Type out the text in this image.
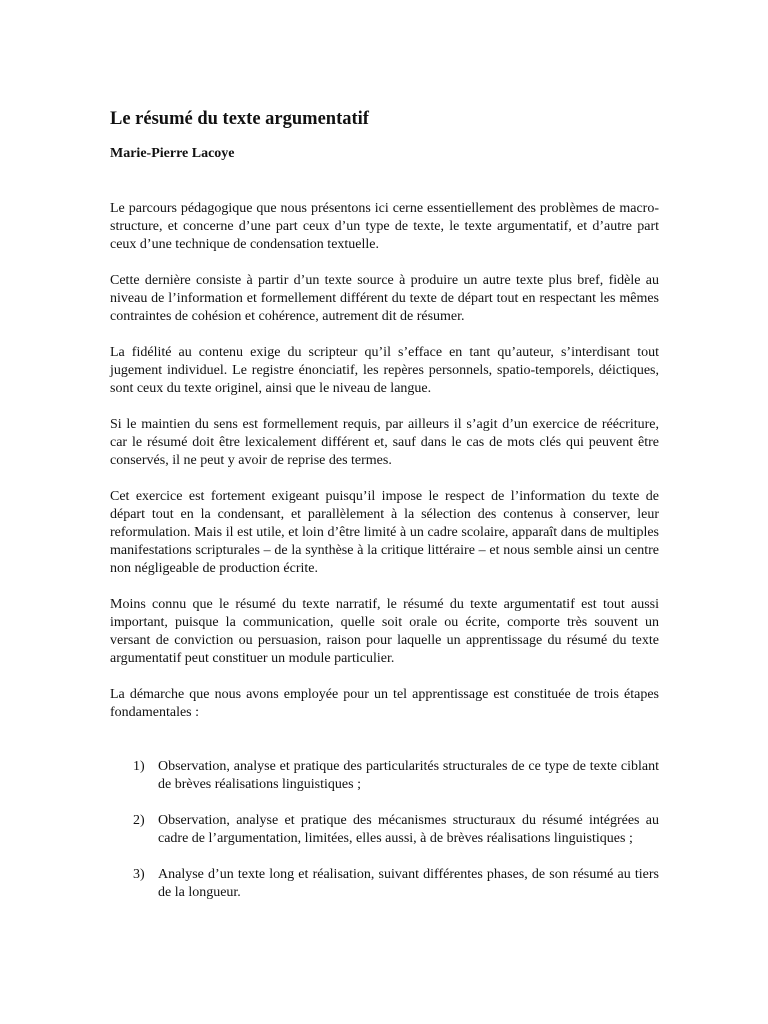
Le résumé du texte argumentatif

Marie-Pierre Lacoye

Le parcours pédagogique que nous présentons ici cerne essentiellement des problèmes de macro-structure, et concerne d’une part ceux d’un type de texte, le texte argumentatif, et d’autre part ceux d’une technique de condensation textuelle.

Cette dernière consiste à partir d’un texte source à produire un autre texte plus bref, fidèle au niveau de l’information et formellement différent du texte de départ tout en respectant les mêmes contraintes de cohésion et cohérence, autrement dit de résumer.

La fidélité au contenu exige du scripteur qu’il s’efface en tant qu’auteur, s’interdisant tout jugement individuel. Le registre énonciatif, les repères personnels, spatio-temporels, déictiques, sont ceux du texte originel, ainsi que le niveau de langue.

Si le maintien du sens est formellement requis, par ailleurs il s’agit d’un exercice de réécriture, car le résumé doit être lexicalement différent et, sauf dans le cas de mots clés qui peuvent être conservés, il ne peut y avoir de reprise des termes.

Cet exercice est fortement exigeant puisqu’il impose le respect de l’information du texte de départ tout en la condensant, et parallèlement à la sélection des contenus à conserver, leur reformulation. Mais il est utile, et loin d’être limité à un cadre scolaire, apparaît dans de multiples manifestations scripturales – de la synthèse à la critique littéraire – et nous semble ainsi un centre non négligeable de production écrite.

Moins connu que le résumé du texte narratif, le résumé du texte argumentatif est tout aussi important, puisque la communication, quelle soit orale ou écrite, comporte très souvent un versant de conviction ou persuasion, raison pour laquelle un apprentissage du résumé du texte argumentatif peut constituer un module particulier.

La démarche que nous avons employée pour un tel apprentissage est constituée de trois étapes fondamentales :

1) Observation, analyse et pratique des particularités structurales de ce type de texte ciblant de brèves réalisations linguistiques ;

2) Observation, analyse et pratique des mécanismes structuraux du résumé intégrées au cadre de l’argumentation, limitées, elles aussi, à de brèves réalisations linguistiques ;

3) Analyse d’un texte long et réalisation, suivant différentes phases, de son résumé au tiers de la longueur.
